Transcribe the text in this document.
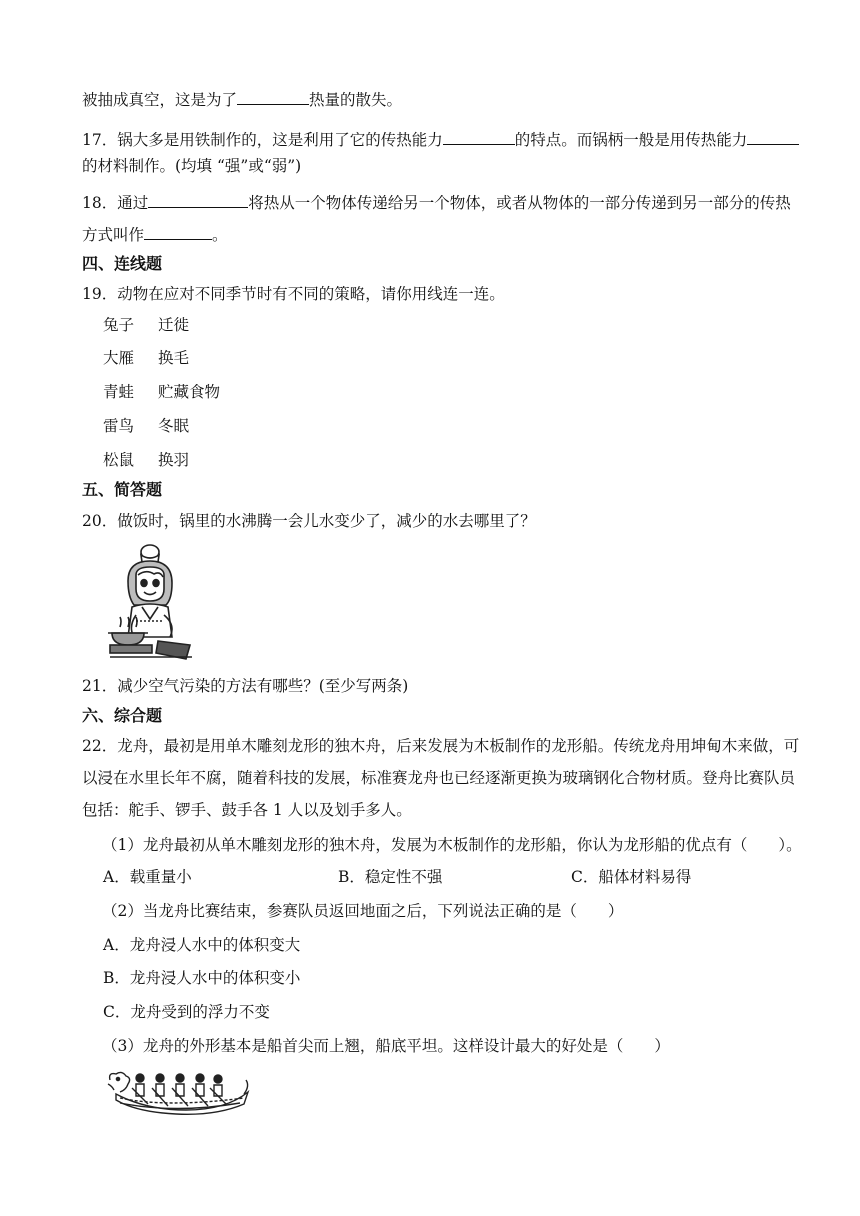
被抽成真空，这是为了	热量的散失。
17．锅大多是用铁制作的，这是利用了它的传热能力	的特点。而锅柄一般是用传热能力
的材料制作。(均填 “强”或“弱”)
18．通过	将热从一个物体传递给另一个物体，或者从物体的一部分传递到另一部分的传热
方式叫作	。
四、连线题
19．动物在应对不同季节时有不同的策略，请你用线连一连。
兔子 迁徙
大雁 换毛
青蛙 贮藏食物
雷鸟 冬眠
松鼠 换羽
五、简答题
20．做饭时，锅里的水沸腾一会儿水变少了，减少的水去哪里了？
21．减少空气污染的方法有哪些？(至少写两条)
六、综合题
22．龙舟，最初是用单木雕刻龙形的独木舟，后来发展为木板制作的龙形船。传统龙舟用坤甸木来做，可
以浸在水里长年不腐，随着科技的发展，标准赛龙舟也已经逐渐更换为玻璃钢化合物材质。登舟比赛队员
包括：舵手、锣手、鼓手各 1 人以及划手多人。
（1）龙舟最初从单木雕刻龙形的独木舟，发展为木板制作的龙形船，你认为龙形船的优点有（　　）。
A．载重量小	B．稳定性不强	C．船体材料易得
（2）当龙舟比赛结束，参赛队员返回地面之后，下列说法正确的是（　　）
A．龙舟浸人水中的体积变大
B．龙舟浸人水中的体积变小
C．龙舟受到的浮力不变
（3）龙舟的外形基本是船首尖而上翘，船底平坦。这样设计最大的好处是（　　）
